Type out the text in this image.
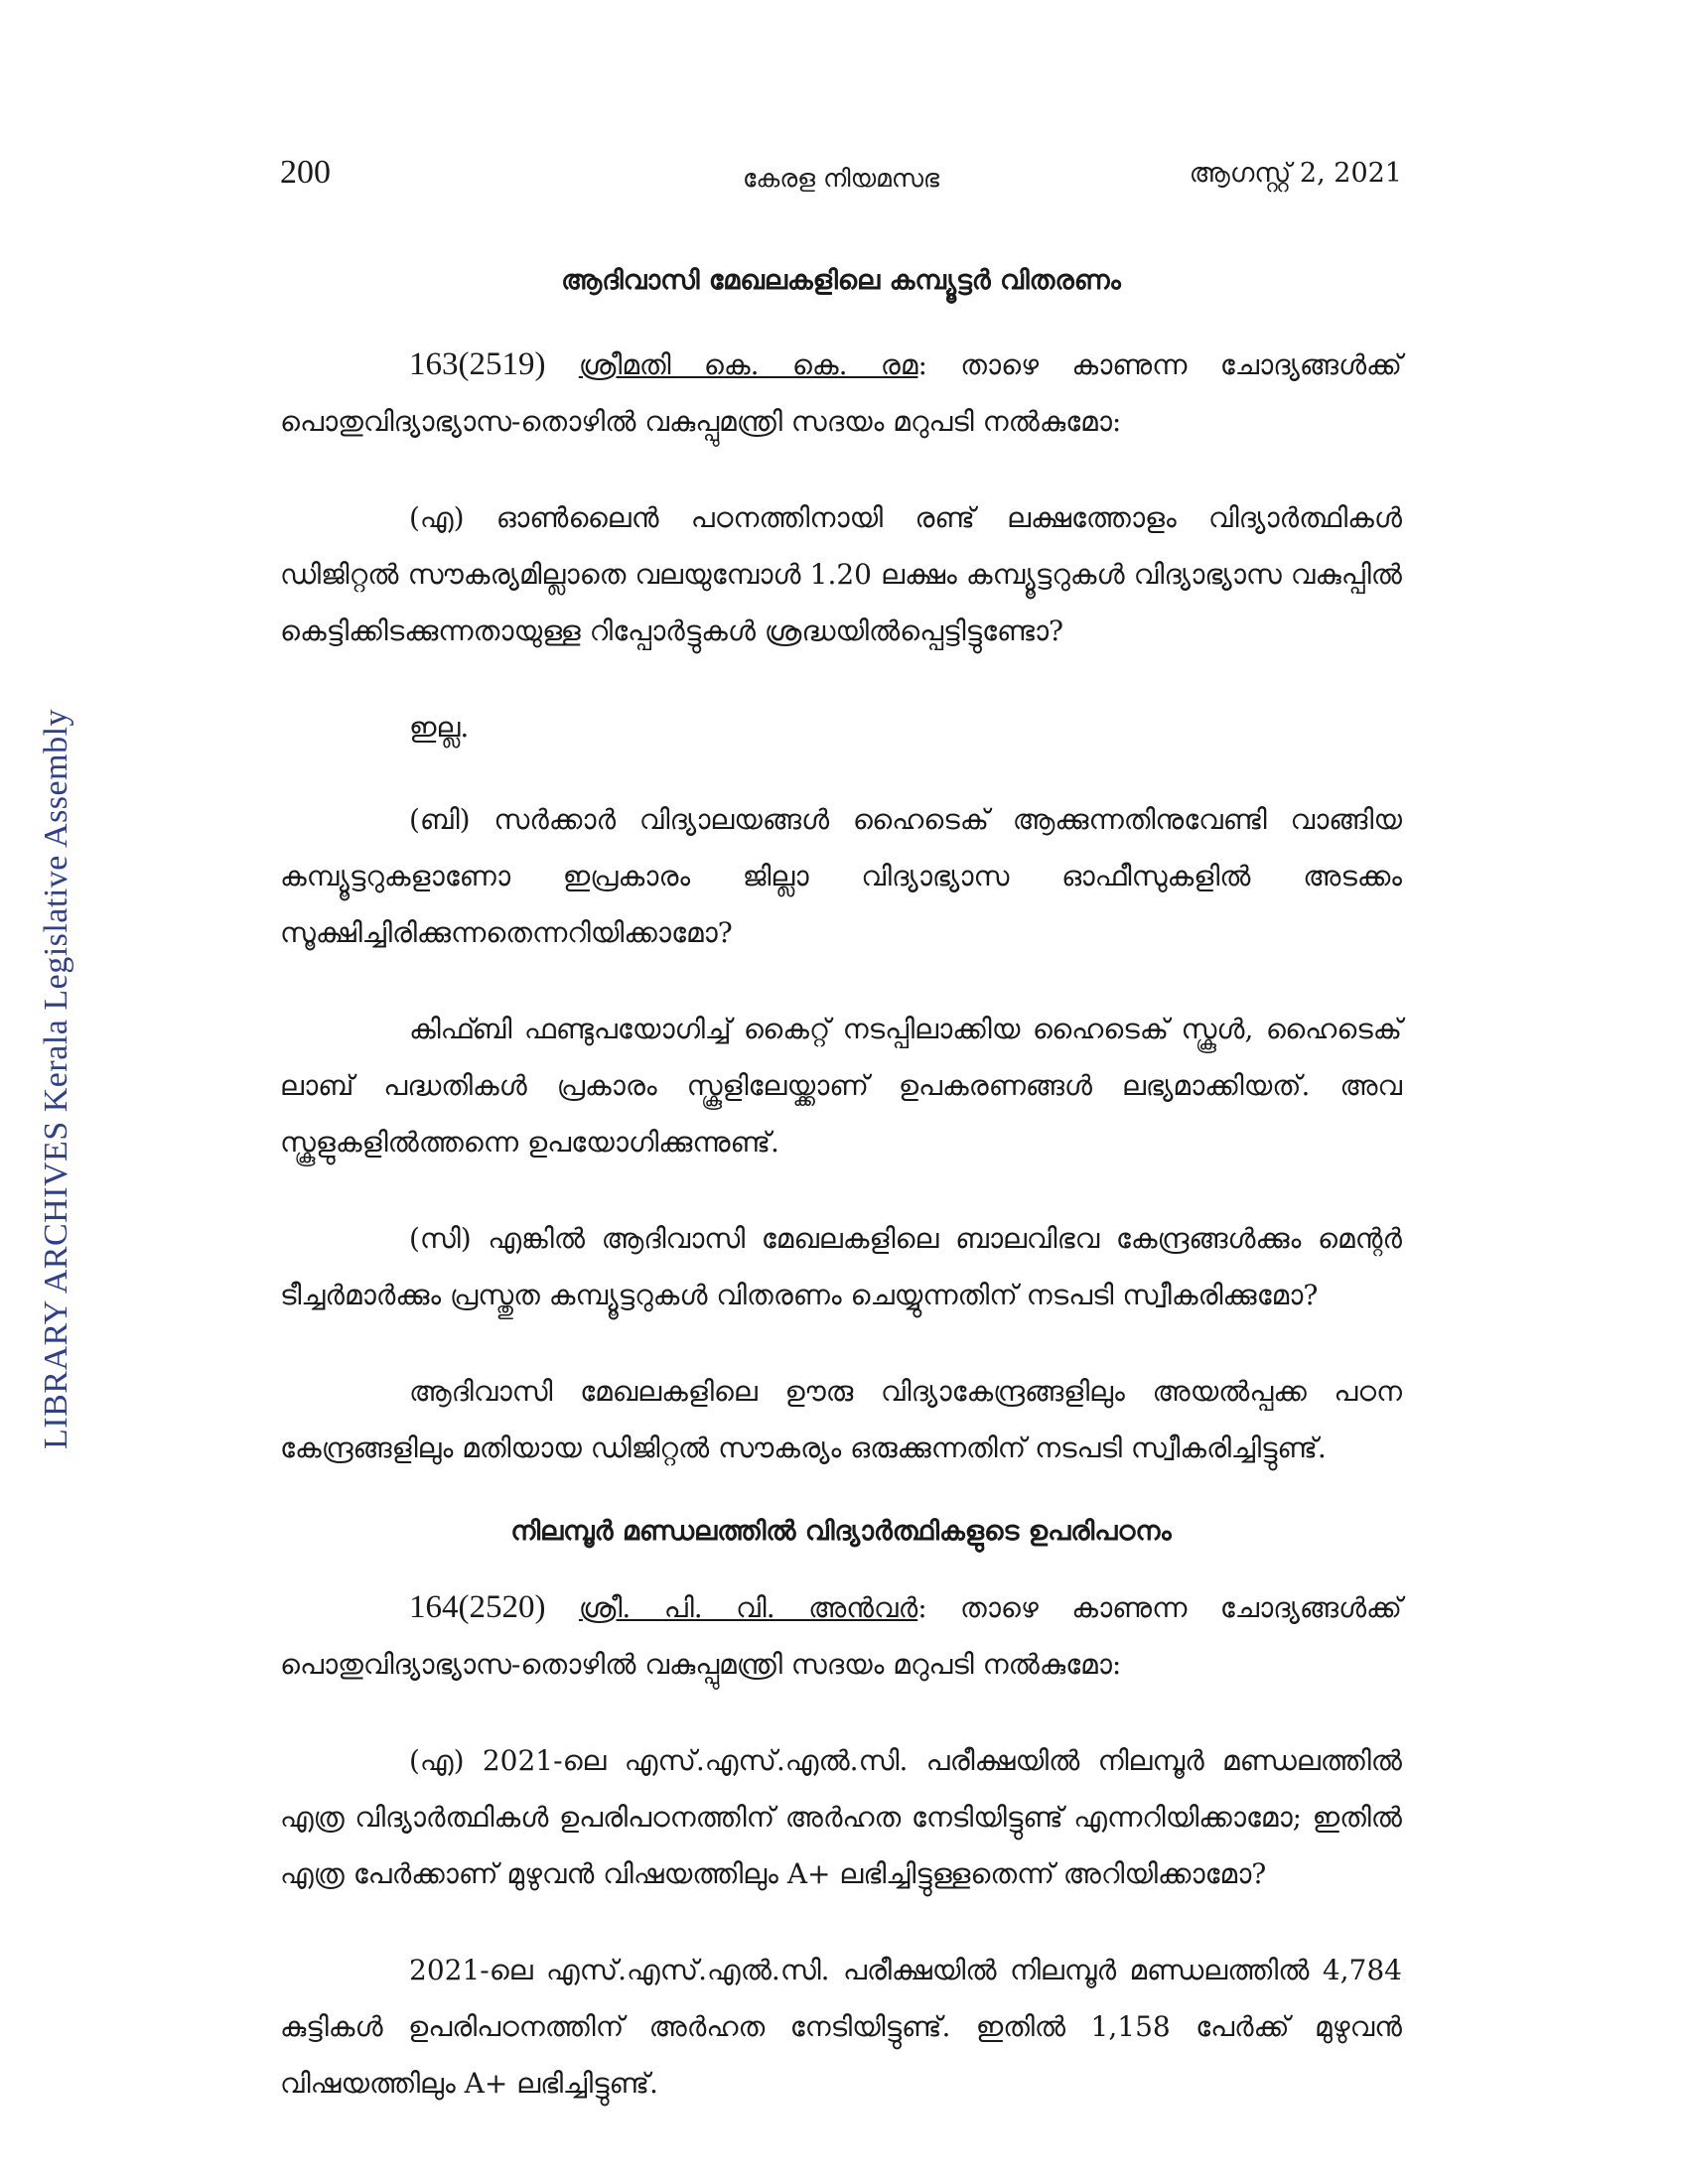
LIBRARY ARCHIVES Kerala Legislative Assembly
200	കേരള നിയമസഭ	ആഗസ്റ്റ് 2, 2021
ആദിവാസി മേഖലകളിലെ കമ്പ്യൂട്ടർ വിതരണം

163(2519) ശ്രീമതി കെ. കെ. രമ: താഴെ കാണുന്ന ചോദ്യങ്ങൾക്ക് പൊതുവിദ്യാഭ്യാസ-തൊഴിൽ വകുപ്പുമന്ത്രി സദയം മറുപടി നൽകുമോ:

(എ) ഓൺലൈൻ പഠനത്തിനായി രണ്ട് ലക്ഷത്തോളം വിദ്യാർത്ഥികൾ ഡിജിറ്റൽ സൗകര്യമില്ലാതെ വലയുമ്പോൾ 1.20 ലക്ഷം കമ്പ്യൂട്ടറുകൾ വിദ്യാഭ്യാസ വകുപ്പിൽ കെട്ടിക്കിടക്കുന്നതായുള്ള റിപ്പോർട്ടുകൾ ശ്രദ്ധയിൽപ്പെട്ടിട്ടുണ്ടോ?

ഇല്ല.

(ബി) സർക്കാർ വിദ്യാലയങ്ങൾ ഹൈടെക് ആക്കുന്നതിനുവേണ്ടി വാങ്ങിയ കമ്പ്യൂട്ടറുകളാണോ ഇപ്രകാരം ജില്ലാ വിദ്യാഭ്യാസ ഓഫീസുകളിൽ അടക്കം സൂക്ഷിച്ചിരിക്കുന്നതെന്നറിയിക്കാമോ?

കിഫ്ബി ഫണ്ടുപയോഗിച്ച് കൈറ്റ് നടപ്പിലാക്കിയ ഹൈടെക് സ്കൂൾ, ഹൈടെക് ലാബ് പദ്ധതികൾ പ്രകാരം സ്കൂളിലേയ്ക്കാണ് ഉപകരണങ്ങൾ ലഭ്യമാക്കിയത്. അവ സ്കൂളുകളിൽത്തന്നെ ഉപയോഗിക്കുന്നുണ്ട്.

(സി) എങ്കിൽ ആദിവാസി മേഖലകളിലെ ബാലവിഭവ കേന്ദ്രങ്ങൾക്കും മെന്റർ ടീച്ചർമാർക്കും പ്രസ്തുത കമ്പ്യൂട്ടറുകൾ വിതരണം ചെയ്യുന്നതിന് നടപടി സ്വീകരിക്കുമോ?

ആദിവാസി മേഖലകളിലെ ഊരു വിദ്യാകേന്ദ്രങ്ങളിലും അയൽപ്പക്ക പഠന കേന്ദ്രങ്ങളിലും മതിയായ ഡിജിറ്റൽ സൗകര്യം ഒരുക്കുന്നതിന് നടപടി സ്വീകരിച്ചിട്ടുണ്ട്.

നിലമ്പൂർ മണ്ഡലത്തിൽ വിദ്യാർത്ഥികളുടെ ഉപരിപഠനം

164(2520) ശ്രീ. പി. വി. അൻവർ: താഴെ കാണുന്ന ചോദ്യങ്ങൾക്ക് പൊതുവിദ്യാഭ്യാസ-തൊഴിൽ വകുപ്പുമന്ത്രി സദയം മറുപടി നൽകുമോ:

(എ) 2021-ലെ എസ്.എസ്.എൽ.സി. പരീക്ഷയിൽ നിലമ്പൂർ മണ്ഡലത്തിൽ എത്ര വിദ്യാർത്ഥികൾ ഉപരിപഠനത്തിന് അർഹത നേടിയിട്ടുണ്ട് എന്നറിയിക്കാമോ; ഇതിൽ എത്ര പേർക്കാണ് മുഴുവൻ വിഷയത്തിലും A+ ലഭിച്ചിട്ടുള്ളതെന്ന് അറിയിക്കാമോ?

2021-ലെ എസ്.എസ്.എൽ.സി. പരീക്ഷയിൽ നിലമ്പൂർ മണ്ഡലത്തിൽ 4,784 കുട്ടികൾ ഉപരിപഠനത്തിന് അർഹത നേടിയിട്ടുണ്ട്. ഇതിൽ 1,158 പേർക്ക് മുഴുവൻ വിഷയത്തിലും A+ ലഭിച്ചിട്ടുണ്ട്.
